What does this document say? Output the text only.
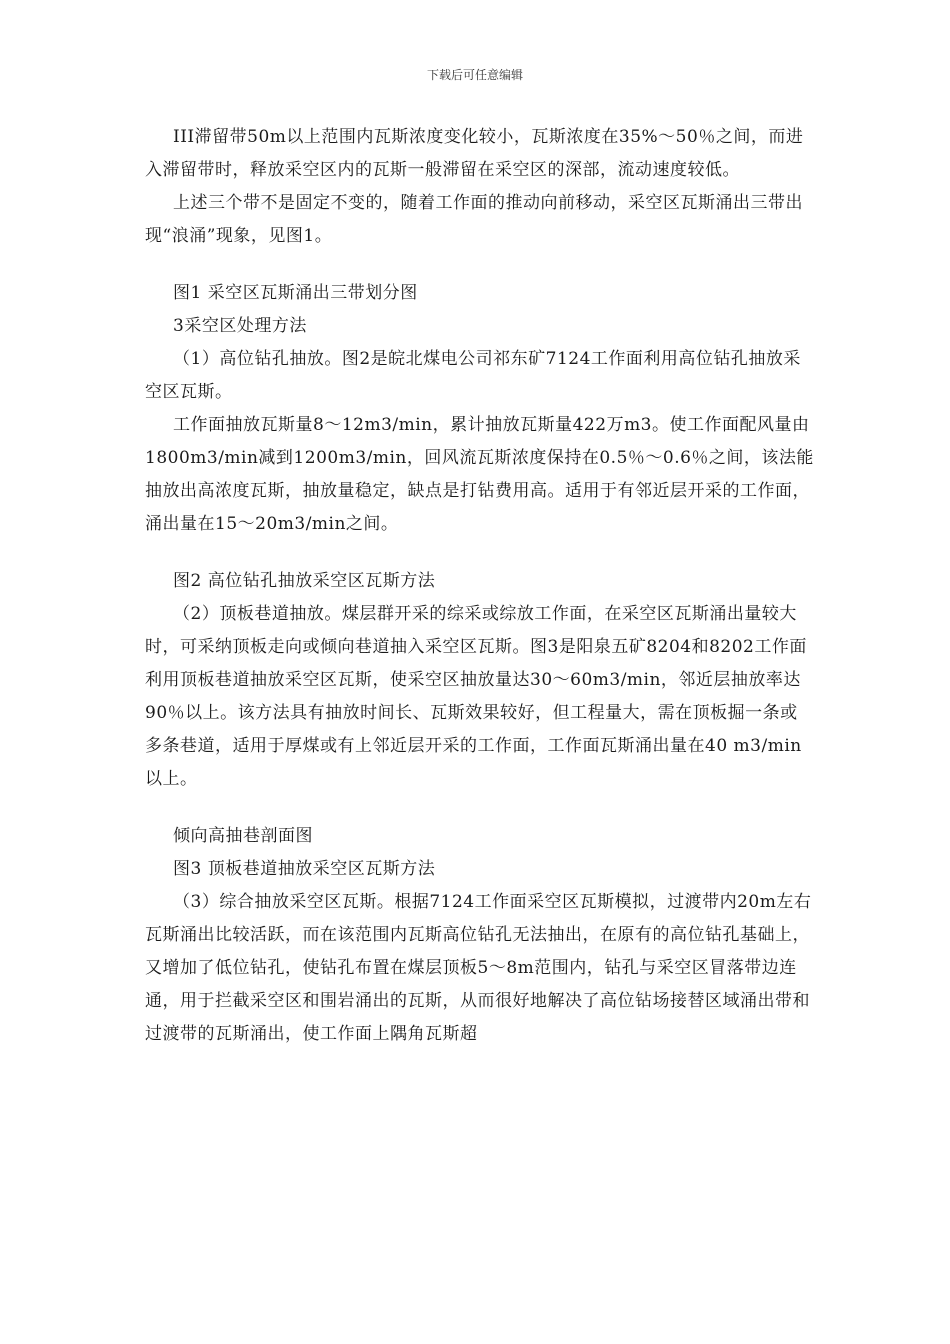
下载后可任意编辑

III滞留带50m以上范围内瓦斯浓度变化较小，瓦斯浓度在35%～50％之间，而进入滞留带时，释放采空区内的瓦斯一般滞留在采空区的深部，流动速度较低。

上述三个带不是固定不变的，随着工作面的推动向前移动，采空区瓦斯涌出三带出现“浪涌”现象，见图1。

图1 采空区瓦斯涌出三带划分图

3采空区处理方法

（1）高位钻孔抽放。图2是皖北煤电公司祁东矿7124工作面利用高位钻孔抽放采空区瓦斯。

工作面抽放瓦斯量8～12m3/min，累计抽放瓦斯量422万m3。使工作面配风量由1800m3/min减到1200m3/min，回风流瓦斯浓度保持在0.5％～0.6％之间，该法能抽放出高浓度瓦斯，抽放量稳定，缺点是打钻费用高。适用于有邻近层开采的工作面，涌出量在15～20m3/min之间。

图2 高位钻孔抽放采空区瓦斯方法

（2）顶板巷道抽放。煤层群开采的综采或综放工作面，在采空区瓦斯涌出量较大时，可采纳顶板走向或倾向巷道抽入采空区瓦斯。图3是阳泉五矿8204和8202工作面利用顶板巷道抽放采空区瓦斯，使采空区抽放量达30～60m3/min，邻近层抽放率达90％以上。该方法具有抽放时间长、瓦斯效果较好，但工程量大，需在顶板掘一条或多条巷道，适用于厚煤或有上邻近层开采的工作面，工作面瓦斯涌出量在40 m3/min以上。

倾向高抽巷剖面图

图3 顶板巷道抽放采空区瓦斯方法

（3）综合抽放采空区瓦斯。根据7124工作面采空区瓦斯模拟，过渡带内20m左右瓦斯涌出比较活跃，而在该范围内瓦斯高位钻孔无法抽出，在原有的高位钻孔基础上，又增加了低位钻孔，使钻孔布置在煤层顶板5～8m范围内，钻孔与采空区冒落带边连通，用于拦截采空区和围岩涌出的瓦斯，从而很好地解决了高位钻场接替区域涌出带和过渡带的瓦斯涌出，使工作面上隅角瓦斯超
